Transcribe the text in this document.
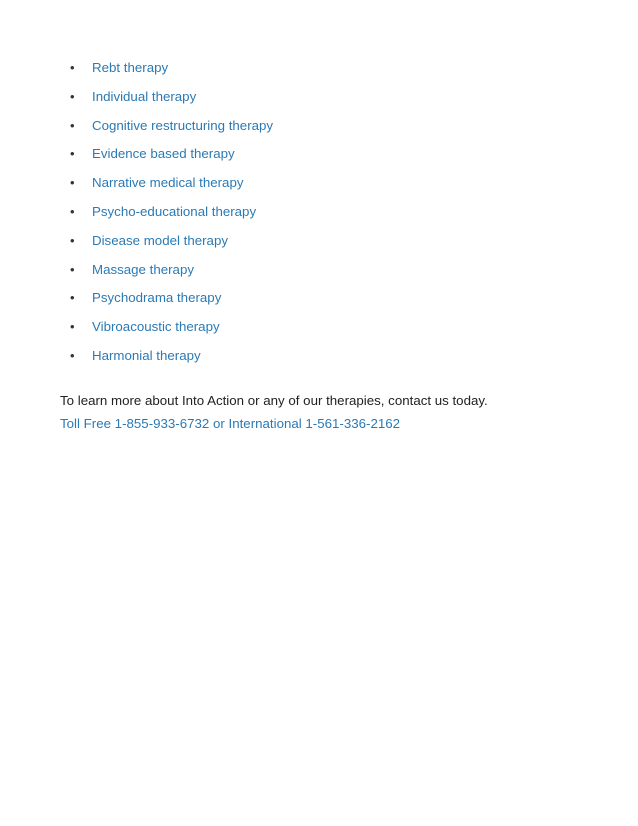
•	Rebt therapy
•	Individual therapy
•	Cognitive restructuring therapy
•	Evidence based therapy
•	Narrative medical therapy
•	Psycho-educational therapy
•	Disease model therapy
•	Massage therapy
•	Psychodrama therapy
•	Vibroacoustic therapy
•	Harmonial therapy

To learn more about Into Action or any of our therapies, contact us today.

Toll Free 1-855-933-6732 or International 1-561-336-2162
